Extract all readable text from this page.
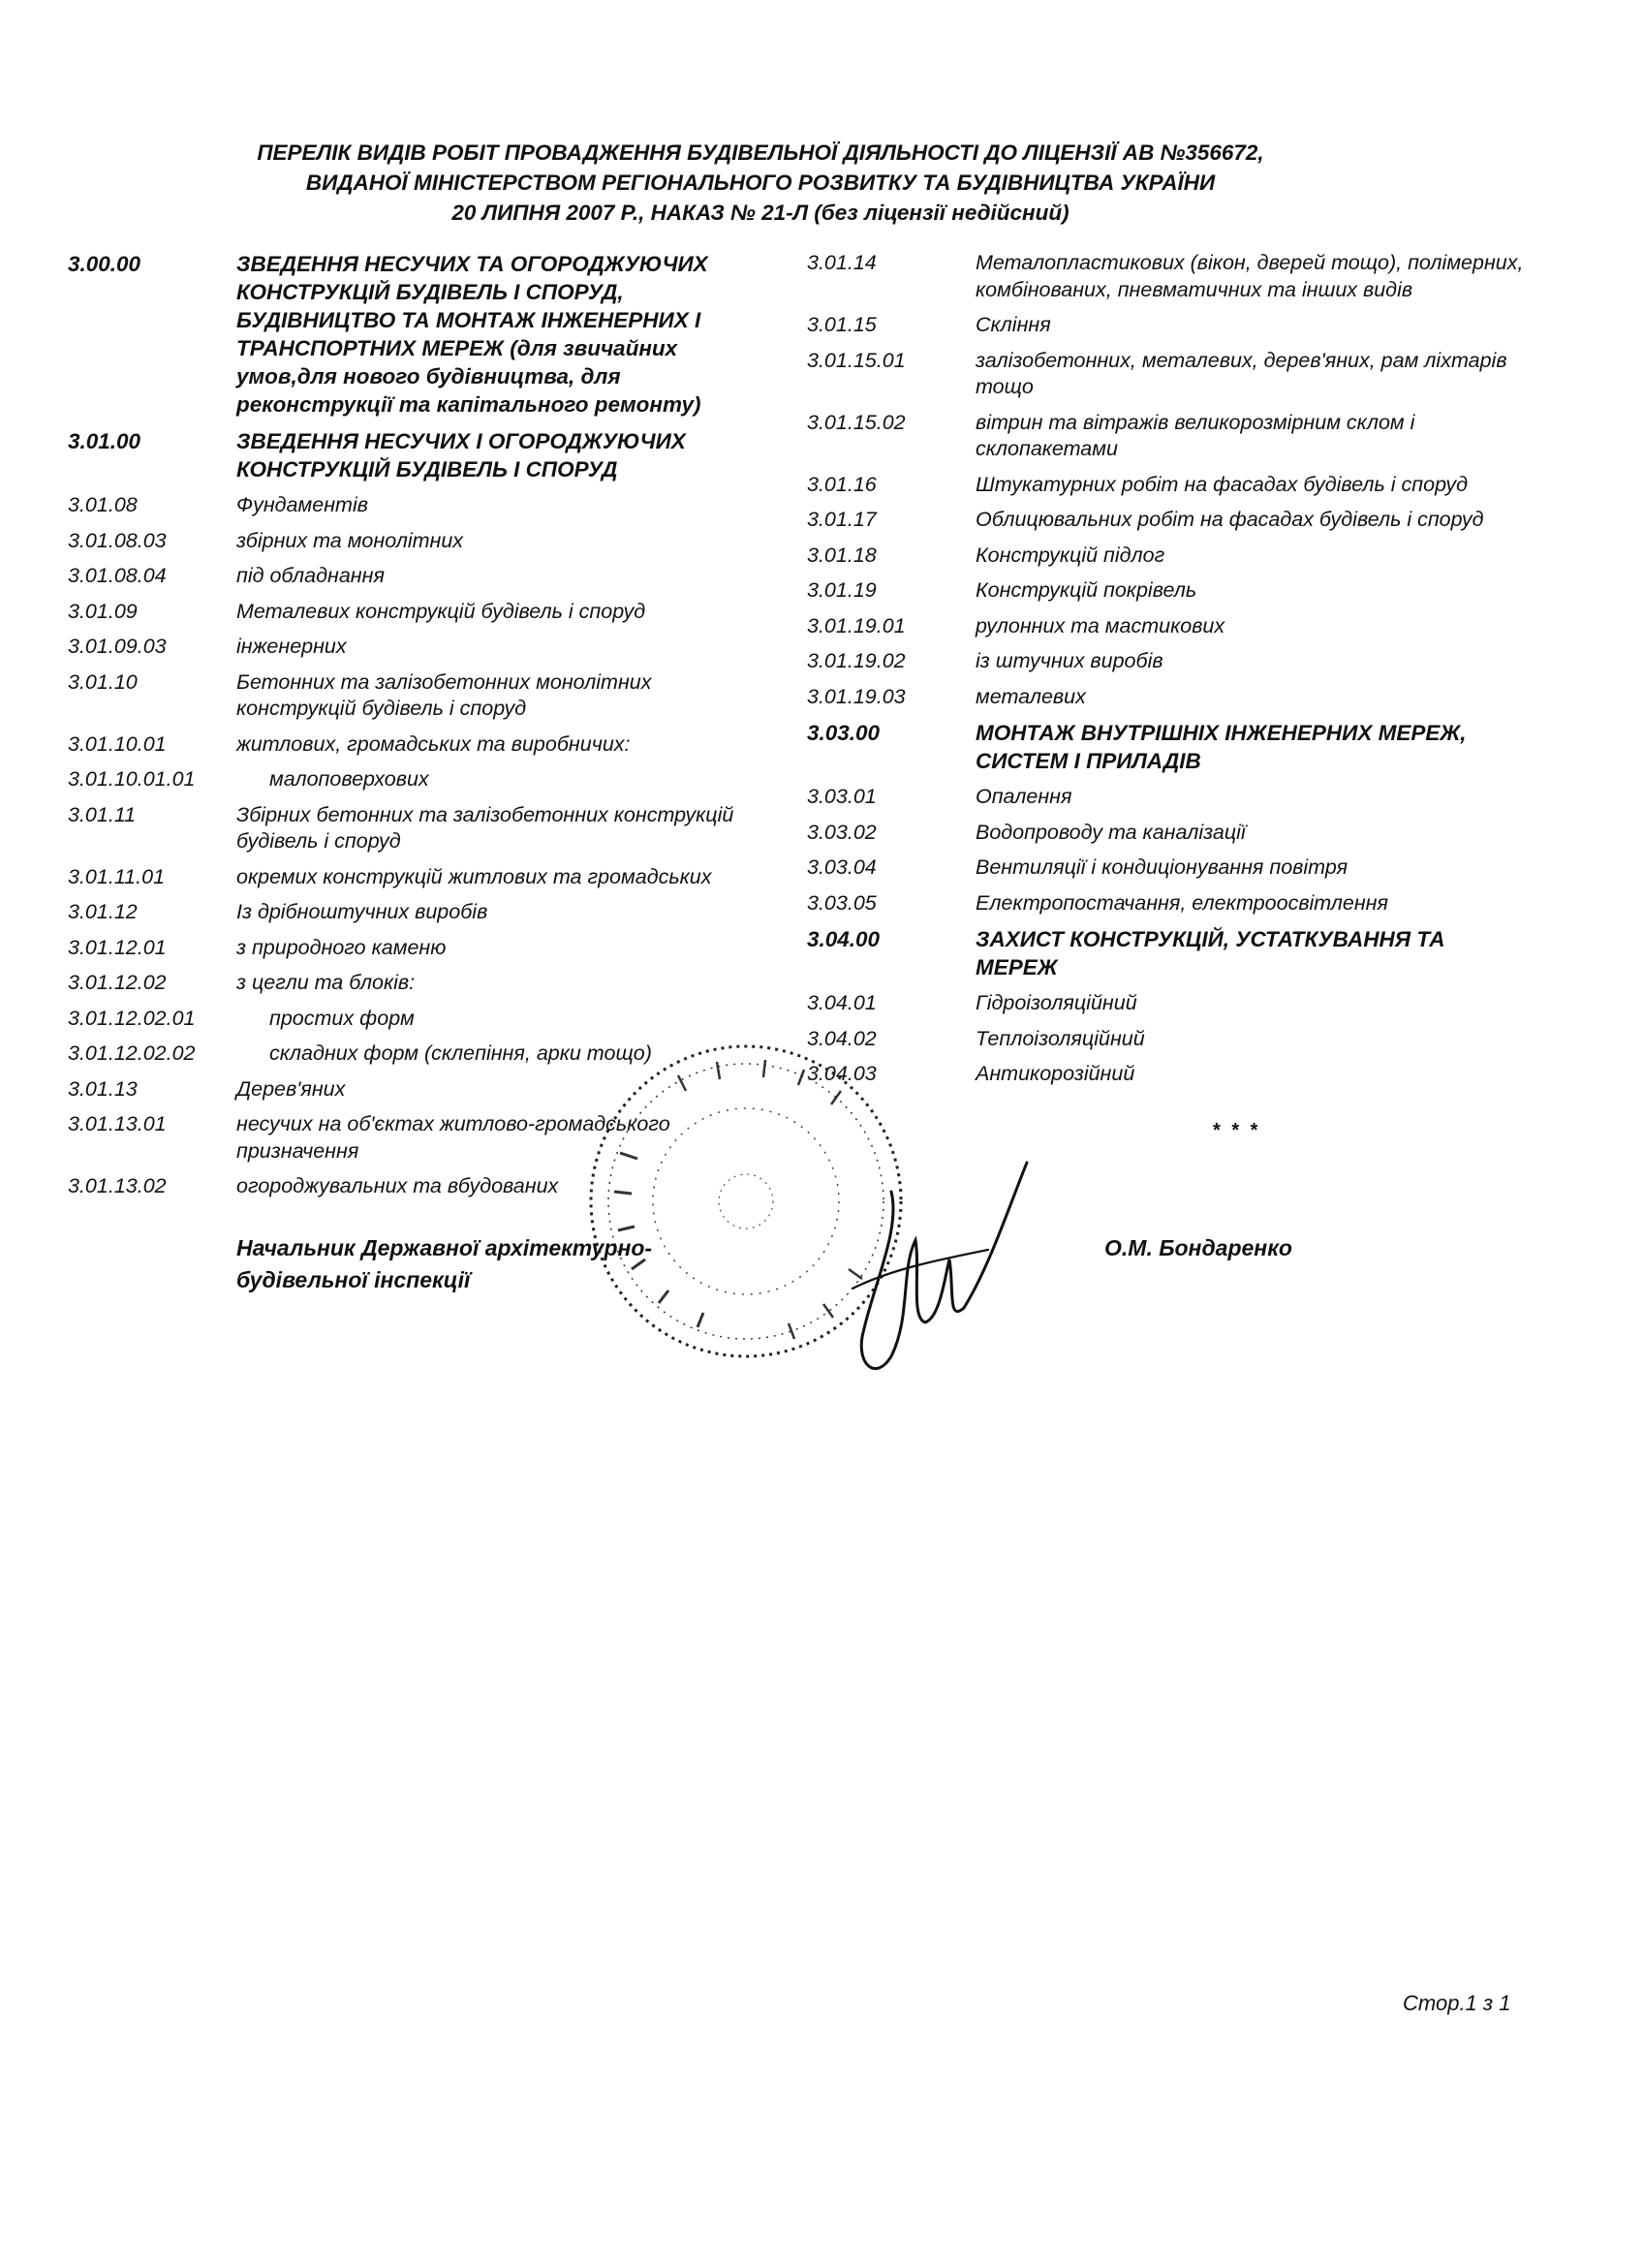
ПЕРЕЛІК ВИДІВ РОБІТ ПРОВАДЖЕННЯ БУДІВЕЛЬНОЇ ДІЯЛЬНОСТІ ДО ЛІЦЕНЗІЇ АВ №356672,
ВИДАНОЇ МІНІСТЕРСТВОМ РЕГІОНАЛЬНОГО РОЗВИТКУ ТА БУДІВНИЦТВА УКРАЇНИ
20 ЛИПНЯ 2007 Р., НАКАЗ № 21-Л (без ліцензії недійсний)
3.00.00	ЗВЕДЕННЯ НЕСУЧИХ ТА ОГОРОДЖУЮЧИХ КОНСТРУКЦІЙ БУДІВЕЛЬ І СПОРУД, БУДІВНИЦТВО ТА МОНТАЖ ІНЖЕНЕРНИХ І ТРАНСПОРТНИХ МЕРЕЖ (для звичайних умов,для нового будівництва, для реконструкції та капітального ремонту)
3.01.00	ЗВЕДЕННЯ НЕСУЧИХ І ОГОРОДЖУЮЧИХ КОНСТРУКЦІЙ БУДІВЕЛЬ І СПОРУД
3.01.08	Фундаментів
3.01.08.03	збірних та монолітних
3.01.08.04	під обладнання
3.01.09	Металевих конструкцій будівель і споруд
3.01.09.03	інженерних
3.01.10	Бетонних та залізобетонних монолітних конструкцій будівель і споруд
3.01.10.01	житлових, громадських та виробничих:
3.01.10.01.01	малоповерхових
3.01.11	Збірних бетонних та залізобетонних конструкцій будівель і споруд
3.01.11.01	окремих конструкцій житлових та громадських
3.01.12	Із дрібноштучних виробів
3.01.12.01	з природного каменю
3.01.12.02	з цегли та блоків:
3.01.12.02.01	простих форм
3.01.12.02.02	складних форм (склепіння, арки тощо)
3.01.13	Дерев'яних
3.01.13.01	несучих на об'єктах житлово-громадського призначення
3.01.13.02	огороджувальних та вбудованих
3.01.14	Металопластикових (вікон, дверей тощо), полімерних, комбінованих, пневматичних та інших видів
3.01.15	Скління
3.01.15.01	залізобетонних, металевих, дерев'яних, рам ліхтарів тощо
3.01.15.02	вітрин та вітражів великорозмірним склом і склопакетами
3.01.16	Штукатурних робіт на фасадах будівель і споруд
3.01.17	Облицювальних робіт на фасадах будівель і споруд
3.01.18	Конструкцій підлог
3.01.19	Конструкцій покрівель
3.01.19.01	рулонних та мастикових
3.01.19.02	із штучних виробів
3.01.19.03	металевих
3.03.00	МОНТАЖ ВНУТРІШНІХ ІНЖЕНЕРНИХ МЕРЕЖ, СИСТЕМ І ПРИЛАДІВ
3.03.01	Опалення
3.03.02	Водопроводу та каналізації
3.03.04	Вентиляції і кондиціонування повітря
3.03.05	Електропостачання, електроосвітлення
3.04.00	ЗАХИСТ КОНСТРУКЦІЙ, УСТАТКУВАННЯ ТА МЕРЕЖ
3.04.01	Гідроізоляційний
3.04.02	Теплоізоляційний
3.04.03	Антикорозійний
* * *
Начальник Державної архітектурно-
будівельної інспекції
О.М. Бондаренко
Стор.1 з 1
